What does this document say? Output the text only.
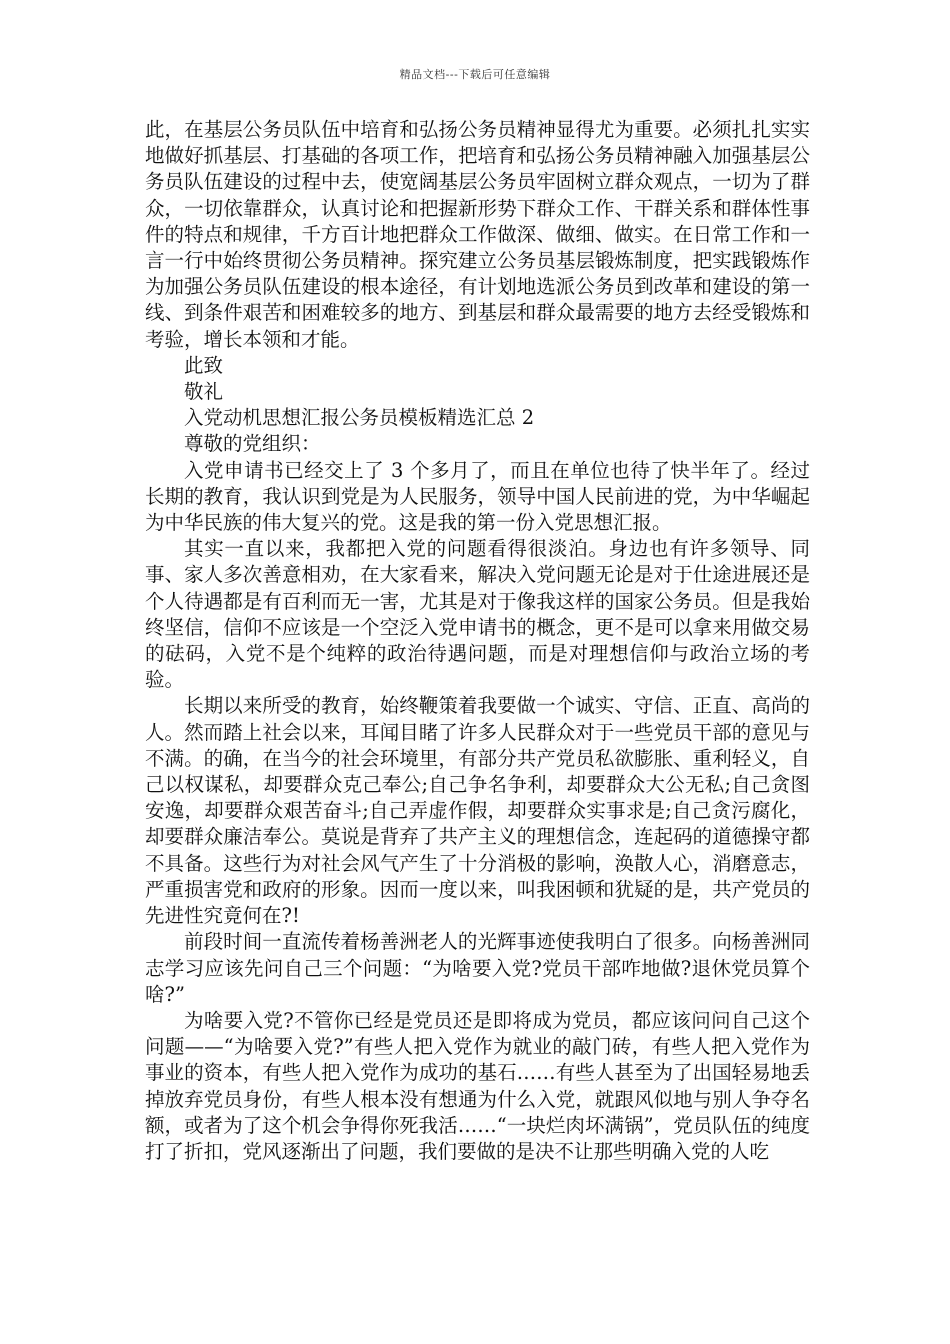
精品文档---下载后可任意编辑

此，在基层公务员队伍中培育和弘扬公务员精神显得尤为重要。必须扎扎实实地做好抓基层、打基础的各项工作，把培育和弘扬公务员精神融入加强基层公务员队伍建设的过程中去，使宽阔基层公务员牢固树立群众观点，一切为了群众，一切依靠群众，认真讨论和把握新形势下群众工作、干群关系和群体性事件的特点和规律，千方百计地把群众工作做深、做细、做实。在日常工作和一言一行中始终贯彻公务员精神。探究建立公务员基层锻炼制度，把实践锻炼作为加强公务员队伍建设的根本途径，有计划地选派公务员到改革和建设的第一线、到条件艰苦和困难较多的地方、到基层和群众最需要的地方去经受锻炼和考验，增长本领和才能。

此致

敬礼

入党动机思想汇报公务员模板精选汇总 2

尊敬的党组织：

入党申请书已经交上了 3 个多月了，而且在单位也待了快半年了。经过长期的教育，我认识到党是为人民服务，领导中国人民前进的党，为中华崛起为中华民族的伟大复兴的党。这是我的第一份入党思想汇报。

其实一直以来，我都把入党的问题看得很淡泊。身边也有许多领导、同事、家人多次善意相劝，在大家看来，解决入党问题无论是对于仕途进展还是个人待遇都是有百利而无一害，尤其是对于像我这样的国家公务员。但是我始终坚信，信仰不应该是一个空泛入党申请书的概念，更不是可以拿来用做交易的砝码，入党不是个纯粹的政治待遇问题，而是对理想信仰与政治立场的考验。

长期以来所受的教育，始终鞭策着我要做一个诚实、守信、正直、高尚的人。然而踏上社会以来，耳闻目睹了许多人民群众对于一些党员干部的意见与不满。的确，在当今的社会环境里，有部分共产党员私欲膨胀、重利轻义，自己以权谋私，却要群众克己奉公;自己争名争利，却要群众大公无私;自己贪图安逸，却要群众艰苦奋斗;自己弄虚作假，却要群众实事求是;自己贪污腐化，却要群众廉洁奉公。莫说是背弃了共产主义的理想信念，连起码的道德操守都不具备。这些行为对社会风气产生了十分消极的影响，涣散人心，消磨意志，严重损害党和政府的形象。因而一度以来，叫我困顿和犹疑的是，共产党员的先进性究竟何在?!

前段时间一直流传着杨善洲老人的光辉事迹使我明白了很多。向杨善洲同志学习应该先问自己三个问题：“为啥要入党?党员干部咋地做?退休党员算个啥?”

为啥要入党?不管你已经是党员还是即将成为党员，都应该问问自己这个问题——“为啥要入党?”有些人把入党作为就业的敲门砖，有些人把入党作为事业的资本，有些人把入党作为成功的基石……有些人甚至为了出国轻易地丢掉放弃党员身份，有些人根本没有想通为什么入党，就跟风似地与别人争夺名额，或者为了这个机会争得你死我活……“一块烂肉坏满锅”，党员队伍的纯度打了折扣，党风逐渐出了问题，我们要做的是决不让那些明确入党的人吃
